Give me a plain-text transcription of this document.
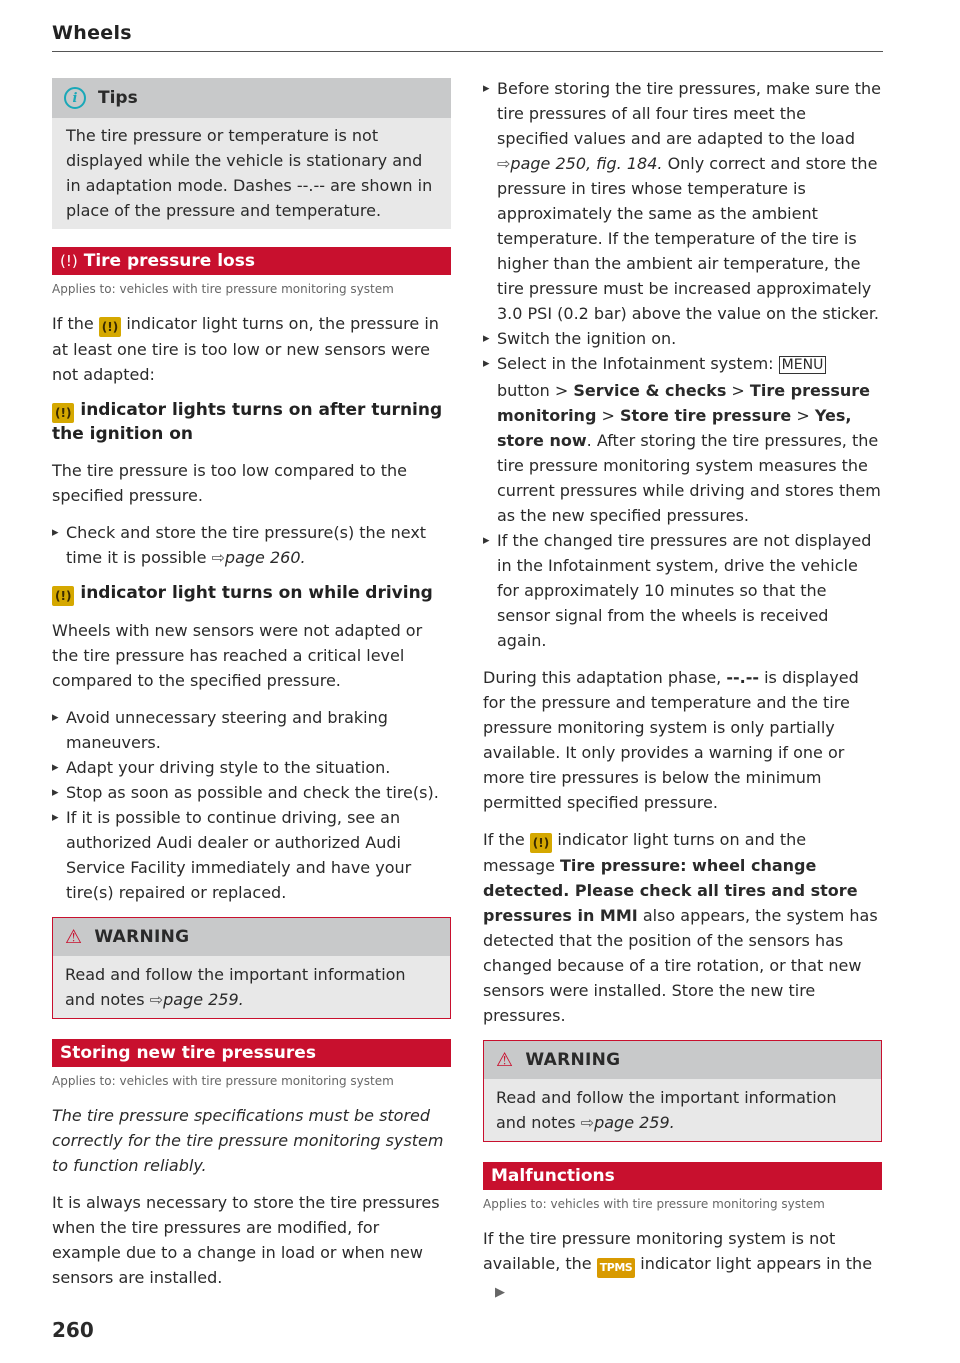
Wheels
i	Tips

The tire pressure or temperature is not displayed while the vehicle is stationary and in adaptation mode. Dashes --.-- are shown in place of the pressure and temperature.

(!) Tire pressure loss
Applies to: vehicles with tire pressure monitoring system

If the (!) indicator light turns on, the pressure in at least one tire is too low or new sensors were not adapted:

(!) indicator lights turns on after turning the ignition on

The tire pressure is too low compared to the specified pressure.

▸ Check and store the tire pressure(s) the next time it is possible ⇨page 260.
(!) indicator light turns on while driving

Wheels with new sensors were not adapted or the tire pressure has reached a critical level compared to the specified pressure.

▸ Avoid unnecessary steering and braking maneuvers.
▸ Adapt your driving style to the situation.
▸ Stop as soon as possible and check the tire(s).
▸ If it is possible to continue driving, see an authorized Audi dealer or authorized Audi Service Facility immediately and have your tire(s) repaired or replaced.
⚠ WARNING

Read and follow the important information and notes ⇨page 259.

Storing new tire pressures
Applies to: vehicles with tire pressure monitoring system

The tire pressure specifications must be stored correctly for the tire pressure monitoring system to function reliably.

It is always necessary to store the tire pressures when the tire pressures are modified, for example due to a change in load or when new sensors are installed.

▸ Before storing the tire pressures, make sure the tire pressures of all four tires meet the specified values and are adapted to the load ⇨page 250, fig. 184. Only correct and store the pressure in tires whose temperature is approximately the same as the ambient temperature. If the temperature of the tire is higher than the ambient air temperature, the tire pressure must be increased approximately 3.0 PSI (0.2 bar) above the value on the sticker.
▸ Switch the ignition on.
▸ Select in the Infotainment system: MENU button > Service & checks > Tire pressure monitoring > Store tire pressure > Yes, store now. After storing the tire pressures, the tire pressure monitoring system measures the current pressures while driving and stores them as the new specified pressures.
▸ If the changed tire pressures are not displayed in the Infotainment system, drive the vehicle for approximately 10 minutes so that the sensor signal from the wheels is received again.

During this adaptation phase, --.-- is displayed for the pressure and temperature and the tire pressure monitoring system is only partially available. It only provides a warning if one or more tire pressures is below the minimum permitted specified pressure.

If the (!) indicator light turns on and the message Tire pressure: wheel change detected. Please check all tires and store pressures in MMI also appears, the system has detected that the position of the sensors has changed because of a tire rotation, or that new sensors were installed. Store the new tire pressures.

⚠ WARNING

Read and follow the important information and notes ⇨page 259.

Malfunctions
Applies to: vehicles with tire pressure monitoring system

If the tire pressure monitoring system is not available, the TPMS indicator light appears in the ▶

260
